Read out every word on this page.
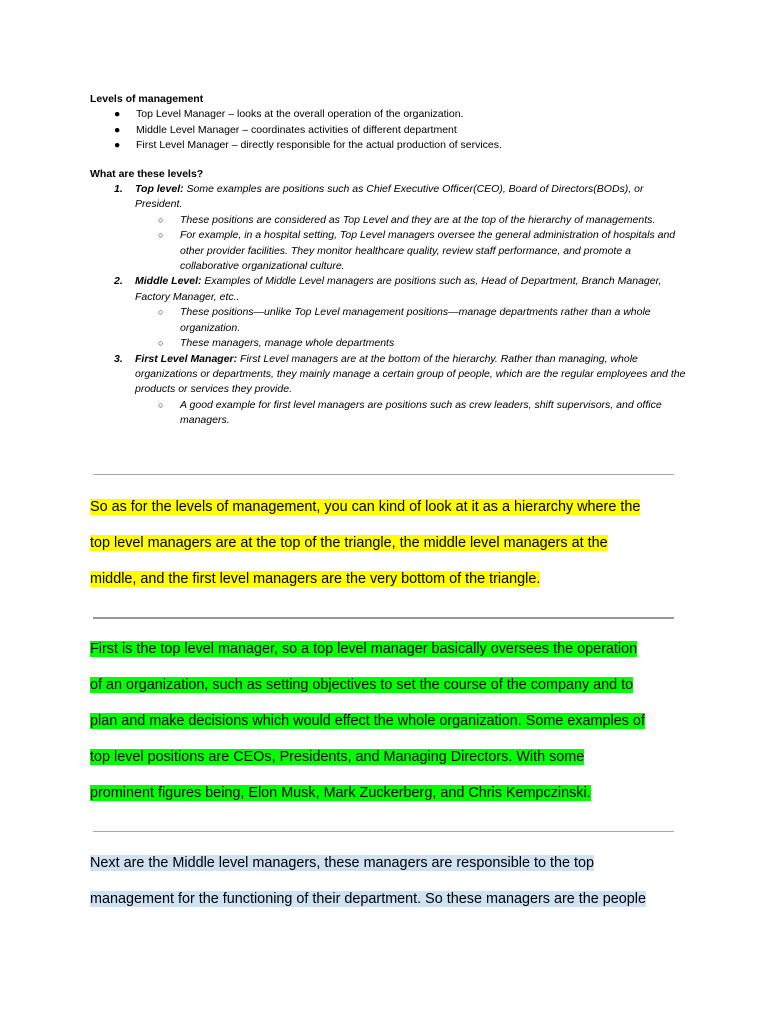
Levels of management
● Top Level Manager – looks at the overall operation of the organization.
● Middle Level Manager – coordinates activities of different department
● First Level Manager – directly responsible for the actual production of services.
What are these levels?
1. Top level: Some examples are positions such as Chief Executive Officer(CEO), Board of Directors(BODs), or President.
○ These positions are considered as Top Level and they are at the top of the hierarchy of managements.
○ For example, in a hospital setting, Top Level managers oversee the general administration of hospitals and other provider facilities. They monitor healthcare quality, review staff performance, and promote a collaborative organizational culture.
2. Middle Level: Examples of Middle Level managers are positions such as, Head of Department, Branch Manager, Factory Manager, etc..
○ These positions—unlike Top Level management positions—manage departments rather than a whole organization.
○ These managers, manage whole departments
3. First Level Manager: First Level managers are at the bottom of the hierarchy. Rather than managing, whole organizations or departments, they mainly manage a certain group of people, which are the regular employees and the products or services they provide.
○ A good example for first level managers are positions such as crew leaders, shift supervisors, and office managers.
So as for the levels of management, you can kind of look at it as a hierarchy where the
top level managers are at the top of the triangle, the middle level managers at the
middle, and the first level managers are the very bottom of the triangle.
First is the top level manager, so a top level manager basically oversees the operation
of an organization, such as setting objectives to set the course of the company and to
plan and make decisions which would effect the whole organization. Some examples of
top level positions are CEOs, Presidents, and Managing Directors. With some
prominent figures being, Elon Musk, Mark Zuckerberg, and Chris Kempczinski.
Next are the Middle level managers, these managers are responsible to the top
management for the functioning of their department. So these managers are the people
